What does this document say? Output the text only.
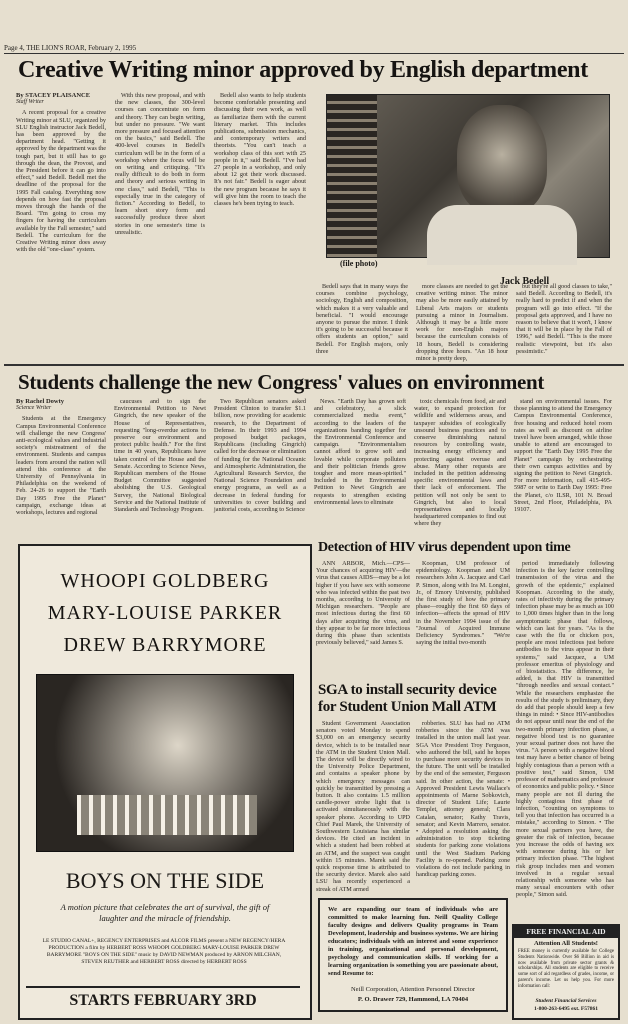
Page 4, THE LION'S ROAR, February 2, 1995
Creative Writing minor approved by English department
By STACEY PLAISANCE
Staff Writer

A recent proposal for a creative Writing minor at SLU, organized by SLU English instructor Jack Bedell, has been approved by the department head. "Getting it approved by the department was the tough part, but it still has to go through the dean, the Provost, and the President before it can go into effect," said Bedell. Bedell met the deadline of the proposal for the 1995 Fall catalog. Everything now depends on how fast the proposal moves through the hands of the Board. "I'm going to cross my fingers for having the curriculum available by the Fall semester," said Bedell. The curriculum for the Creative Writing minor does away with the old "one-class" system.

With this new proposal, and with the new classes, the 300-level courses can concentrate on form and theory. They can begin writing, but under no pressure. "We want more pressure and focused attention on the basics," said Bedell. The 400-level courses in Bedell's curriculum will be in the form of a workshop where the focus will be on writing and critiquing. "It's really difficult to do both in form and theory and serious writing in one class," said Bedell, "This is especially true in the category of fiction." According to Bedell, to learn short story form and successfully produce three short stories in one semester's time is unrealistic.

Bedell also wants to help students become comfortable presenting and discussing their own work, as well as familiarize them with the current literary market. This includes publications, submission mechanics, and contemporary writers and theorists. "You can't teach a workshop class of this sort with 25 people in it," said Bedell. "I've had 27 people in a workshop, and only about 12 got their work discussed. It's not fair." Bedell is eager about the new program because he says it will give him the room to teach the classes he's been trying to teach.

(file photo)
Jack Bedell

Bedell says that in many ways the courses combine psychology, sociology, English and composition, which makes it a very valuable and beneficial. "I would encourage anyone to pursue the minor. I think it's going to be successful because it offers students an option," said Bedell. For English majors, only three

more classes are needed to get the creative writing minor. The minor may also be more easily attained by Liberal Arts majors or students pursuing a minor in Journalism. Although it may be a little more work for non-English majors because the curriculum consists of 18 hours, Bedell is considering dropping three hours. "An 18 hour minor is pretty deep,

but they're all good classes to take," said Bedell. According to Bedell, it's really hard to predict if and when the program will go into effect. "If the proposal gets approved, and I have no reason to believe that it won't, I know that it will be in place by the Fall of 1996," said Bedell. "This is the more realistic viewpoint, but it's also pessimistic."

Students challenge the new Congress' values on environment
By Rachel Dowty
Science Writer

Students at the Emergency Campus Environmental Conference will challenge the new Congress' anti-ecological values and industrial society's mistreatment of the environment. Students and campus leaders from around the nation will attend this conference at the University of Pennsylvania in Philadelphia on the weekend of Feb. 24-26 to support the "Earth Day 1995 Free the Planet" campaign, exchange ideas at workshops, lectures and regional

caucuses and to sign the Environmental Petition to Newt Gingrich, the new speaker of the House of Representatives, requesting "long-overdue actions to preserve our environment and protect public health." For the first time in 40 years, Republicans have taken control of the House and the Senate. According to Science News, Republican members of the House Budget Committee suggested abolishing the U.S. Geological Survey, the National Biological Service and the National Institute of Standards and Technology Program.

Two Republican senators asked President Clinton to transfer $1.1 billion, now providing for academic research, to the Department of Defense. In their 1993 and 1994 proposed budget packages, Republicans (including Gingrich) called for the decrease or elimination of funding for the National Oceanic and Atmospheric Administration, the Agricultural Research Service, the National Science Foundation and energy programs, as well as a decrease in federal funding for universities to cover building and janitorial costs, according to Science

News. "Earth Day has grown soft and celebratory, a slick commercialized media event," according to the leaders of the organizations banding together for the Environmental Conference and campaign. "Environmentalism cannot afford to grow soft and lovable while corporate polluters and their politician friends grow tougher and more mean-spirited." Included in the Environmental Petition to Newt Gingrich are requests to strengthen existing environmental laws to eliminate

toxic chemicals from food, air and water, to expand protection for wildlife and wilderness areas, and taxpayer subsidies of ecologically unsound business practices and to conserve diminishing natural resources by controlling waste, increasing energy efficiency and protecting against overuse and abuse. Many other requests are included in the petition addressing specific environmental laws and their lack of enforcement. The petition will not only be sent to Gingrich, but also to local representatives and locally headquartered companies to find out where they

stand on environmental issues. For those planning to attend the Emergency Campus Environmental Conference, free housing and reduced hotel room rates as well as discount on airline travel have been arranged, while those unable to attend are encouraged to support the "Earth Day 1995 Free the Planet" campaign by orchestrating their own campus activities and by signing the petition to Newt Gingrich. For more information, call 415-495-5987 or write to Earth Day 1995: Free the Planet, c/o ILSR, 101 N. Broad Street, 2nd Floor, Philadelphia, PA 19107.

WHOOPI GOLDBERG
MARY-LOUISE PARKER
DREW BARRYMORE
BOYS ON THE SIDE
A motion picture that celebrates the art of survival, the gift of laughter and the miracle of friendship.
LE STUDIO CANAL+, REGENCY ENTERPRISES and ALCOR FILMS present a NEW REGENCY/HERA PRODUCTION a film by HERBERT ROSS WHOOPI GOLDBERG MARY-LOUISE PARKER DREW BARRYMORE "BOYS ON THE SIDE" music by DAVID NEWMAN produced by ARNON MILCHAN, STEVEN REUTHER and HERBERT ROSS directed by HERBERT ROSS
STARTS FEBRUARY 3RD
Detection of HIV virus dependent upon time

ANN ARBOR, Mich.—CPS—Your chances of acquiring HIV—the virus that causes AIDS—may be a lot higher if you have sex with someone who was infected within the past two months, according to University of Michigan researchers. "People are most infectious during the first 60 days after acquiring the virus, and they appear to be far more infectious during this phase than scientists previously believed," said James S.

Koopman, UM professor of epidemiology. Koopman and UM researchers John A. Jacquez and Carl P. Simon, along with Ira M. Longini, Jr., of Emory University, published the first study of how the primary phase—roughly the first 60 days of infection—affects the spread of HIV in the November 1994 issue of the "Journal of Acquired Immune Deficiency Syndromes." "We're saying the initial two-month

period immediately following infection is the key factor controlling transmission of the virus and the growth of the epidemic," explained Koopman. According to the study, rates of infectivity during the primary infection phase may be as much as 100 to 1,000 times higher than in the long asymptomatic phase that follows, which can last for years. "As is the case with the flu or chicken pox, people are most infectious just before antibodies to the virus appear in their systems," said Jacquez, a UM professor emeritus of physiology and of biostatistics. The difference, he added, is that HIV is transmitted "through needles and sexual contact." While the researchers emphasize the results of the study is preliminary, they do add that people should keep a few things in mind: • Since HIV-antibodies do not appear until near the end of the two-month primary infection phase, a negative blood test is no guarantee your sexual partner does not have the virus. "A person with a negative blood test may have a better chance of being highly contagious than a person with a positive test," said Simon, UM professor of mathematics and professor of economics and public policy. • Since many people are not ill during the highly contagious first phase of infection, "counting on symptoms to tell you that infection has occurred is a mistake," according to Simon. • The more sexual partners you have, the greater the risk of infection, because you increase the odds of having sex with someone during his or her primary infection phase. "The highest risk group includes men and women involved in a regular sexual relationship with someone who has many sexual encounters with other people," Simon said.

SGA to install security device for Student Union Mall ATM

Student Government Association senators voted Monday to spend $3,000 on an emergency security device, which is to be installed near the ATM in the Student Union Mall. The device will be directly wired to the University Police Department, and contains a speaker phone by which emergency messages can quickly be transmitted by pressing a button. It also contains 1.5 million candle-power strobe light that is activated simultaneously with the speaker phone. According to UPD Chief Paul Marek, the University of Southwestern Louisiana has similar devices. He cited an incident in which a student had been robbed at an ATM, and the suspect was caught within 15 minutes. Marek said the quick response time is attributed to the security device. Marek also said LSU has recently experienced a streak of ATM armed

robberies. SLU has had no ATM robberies since the ATM was installed in the union mall last year. SGA Vice President Troy Ferguson, who authored the bill, said he hopes to purchase more security devices in the future. The unit will be installed by the end of the semester, Ferguson said. In other action, the senate: • Approved President Lewis Wallace's appointments of Marne Sobkovich, director of Student Life; Laurie Templet, attorney general; Clara Catalan, senator; Kathy Travis, senator; and Kevin Marrero, senator. • Adopted a resolution asking the administration to stop ticketing students for parking zone violations until the West Stadium Parking Facility is re-opened. Parking zone violations do not include parking in handicap parking zones.

We are expanding our team of individuals who are committed to make learning fun. Neill Quality College faculty designs and delivers Quality programs in Team Development, leadership and business systems. We are hiring educators; individuals with an interest and some experience in training, organizational and personal development, psychology and communication skills. If working for a learning organization is something you are passionate about, send Resume to:
Neill Corporation, Attention Personnel Director
P. O. Drawer 729, Hammond, LA 70404
FREE FINANCIAL AID
Attention All Students!
FREE money is currently available for College Students Nationwide. Over $6 Billion in aid is now available from private sector grants & scholarships. All students are eligible to receive some sort of aid regardless of grades, income, or parent's income. Let us help you. For more information call:
Student Financial Services
1-800-263-6495 ext. F57861
